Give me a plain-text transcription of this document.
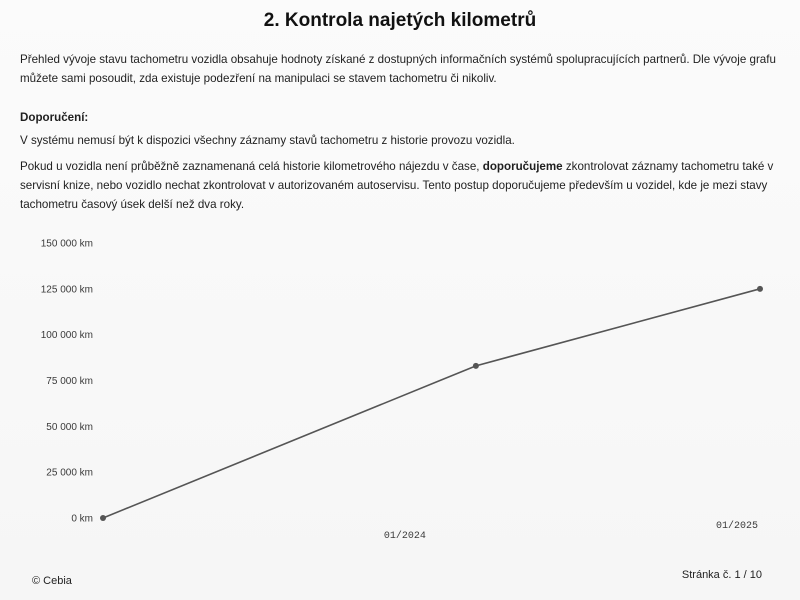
2. Kontrola najetých kilometrů
Přehled vývoje stavu tachometru vozidla obsahuje hodnoty získané z dostupných informačních systémů spolupracujících partnerů. Dle vývoje grafu můžete sami posoudit, zda existuje podezření na manipulaci se stavem tachometru či nikoliv.
Doporučení:
V systému nemusí být k dispozici všechny záznamy stavů tachometru z historie provozu vozidla.
Pokud u vozidla není průběžně zaznamenaná celá historie kilometrového nájezdu v čase, doporučujeme zkontrolovat záznamy tachometru také v servisní knize, nebo vozidlo nechat zkontrolovat v autorizovaném autoservisu. Tento postup doporučujeme především u vozidel, kde je mezi stavy tachometru časový úsek delší než dva roky.
0 km
25 000 km
50 000 km
75 000 km
100 000 km
125 000 km
150 000 km
01/2024
01/2025
© Cebia	Stránka č. 1 / 10
